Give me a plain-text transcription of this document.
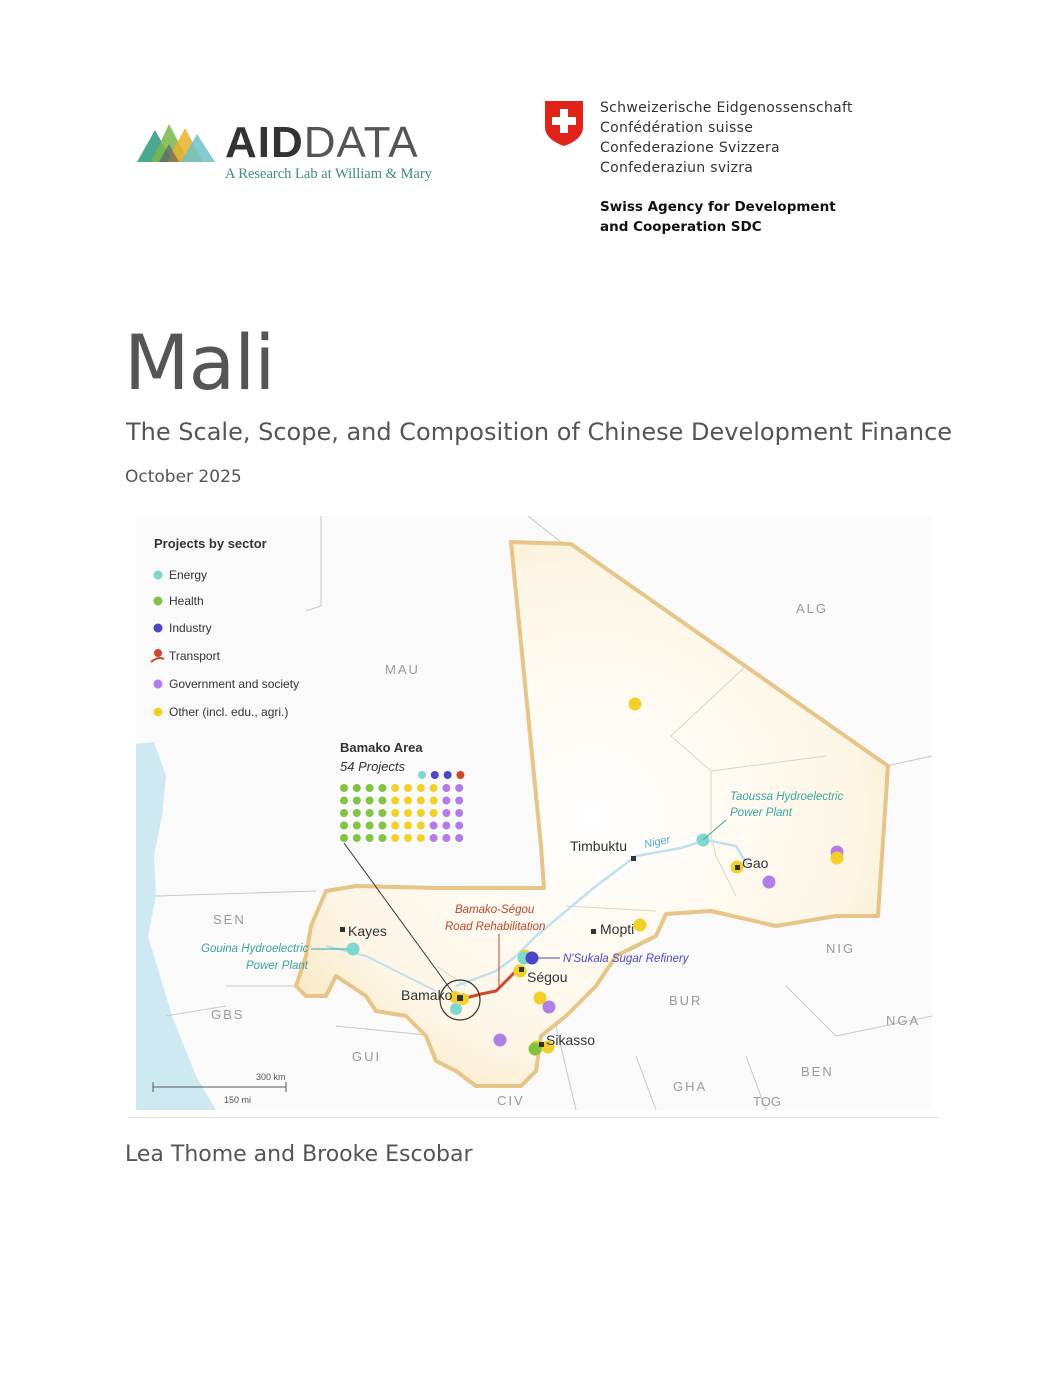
AIDDATA
A Research Lab at William & Mary
Schweizerische Eidgenossenschaft
Confédération suisse
Confederazione Svizzera
Confederaziun svizra
Swiss Agency for Development
and Cooperation SDC
Mali
The Scale, Scope, and Composition of Chinese Development Finance
October 2025
MAU
ALG
SEN
NIG
GBS
GUI
BUR
NGA
BEN
GHA
CIV	TOG
Projects by sector
Energy
Health
Industry
Transport
Government and society
Other (incl. edu., agri.)
Bamako Area
54 Projects
Timbuktu
Gao
Mopti
Kayes
Ségou
Bamako
Sikasso
Niger
Taoussa Hydroelectric
Power Plant
Gouina Hydroelectric
Power Plant
Bamako-Ségou
Road Rehabilitation
N'Sukala Sugar Refinery
300 km
150 mi
Lea Thome and Brooke Escobar
